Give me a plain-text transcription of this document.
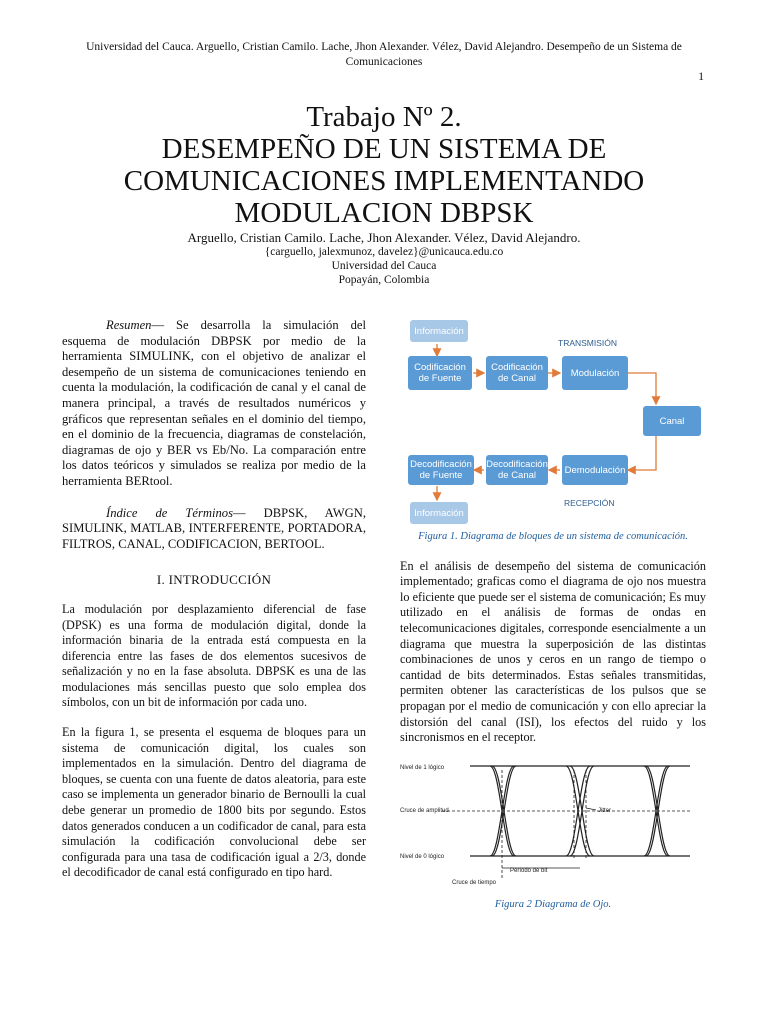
Universidad del Cauca. Arguello, Cristian Camilo. Lache, Jhon Alexander. Vélez, David Alejandro. Desempeño de un Sistema de Comunicaciones
1
Trabajo Nº 2.
DESEMPEÑO DE UN SISTEMA DE COMUNICACIONES IMPLEMENTANDO MODULACION DBPSK
Arguello, Cristian Camilo. Lache, Jhon Alexander. Vélez, David Alejandro.
{carguello, jalexmunoz, davelez}@unicauca.edu.co
Universidad del Cauca
Popayán, Colombia

Resumen— Se desarrolla la simulación del esquema de modulación DBPSK por medio de la herramienta SIMULINK, con el objetivo de analizar el desempeño de un sistema de comunicaciones teniendo en cuenta la modulación, la codificación de canal y el canal de manera principal, a través de resultados numéricos y gráficos que representan señales en el dominio del tiempo, en el dominio de la frecuencia, diagramas de constelación, diagramas de ojo y BER vs Eb/No. La comparación entre los datos teóricos y simulados se realiza por medio de la herramienta BERtool.

Índice de Términos— DBPSK, AWGN, SIMULINK, MATLAB, INTERFERENTE, PORTADORA, FILTROS, CANAL, CODIFICACION, BERTOOL.

I. INTRODUCCIÓN

La modulación por desplazamiento diferencial de fase (DPSK) es una forma de modulación digital, donde la información binaria de la entrada está compuesta en la diferencia entre las fases de dos elementos sucesivos de señalización y no en la fase absoluta. DBPSK es una de las modulaciones más sencillas puesto que solo emplea dos símbolos, con un bit de información por cada uno.

En la figura 1, se presenta el esquema de bloques para un sistema de comunicación digital, los cuales son implementados en la simulación. Dentro del diagrama de bloques, se cuenta con una fuente de datos aleatoria, para este caso se implementa un generador binario de Bernoulli la cual debe generar un promedio de 1800 bits por segundo. Estos datos generados conducen a un codificador de canal, para esta simulación la codificación convolucional debe ser configurada para una tasa de codificación igual a 2/3, donde el decodificador de canal está configurado en tipo hard.

Información
TRANSMISIÓN
Codificación de Fuente
Codificación de Canal	Modulación
Canal
Demodulación
Decodificación de Canal
Decodificación de Fuente
RECEPCIÓN
Información
Figura 1. Diagrama de bloques de un sistema de comunicación.

En el análisis de desempeño del sistema de comunicación implementado; graficas como el diagrama de ojo nos muestra lo eficiente que puede ser el sistema de comunicación; Es muy utilizado en el análisis de formas de ondas en telecomunicaciones digitales, corresponde esencialmente a un diagrama que muestra la superposición de las distintas combinaciones de unos y ceros en un rango de tiempo o cantidad de bits determinados. Estas señales transmitidas, permiten obtener las características de los pulsos que se propagan por el medio de comunicación y con ello apreciar la distorsión del canal (ISI), los efectos del ruido y los sincronismos en el receptor.

Nivel de 1 lógico
Cruce de amplitud	Jitter
Nivel de 0 lógico
Período de bit
Cruce de tiempo
Figura 2 Diagrama de Ojo.
